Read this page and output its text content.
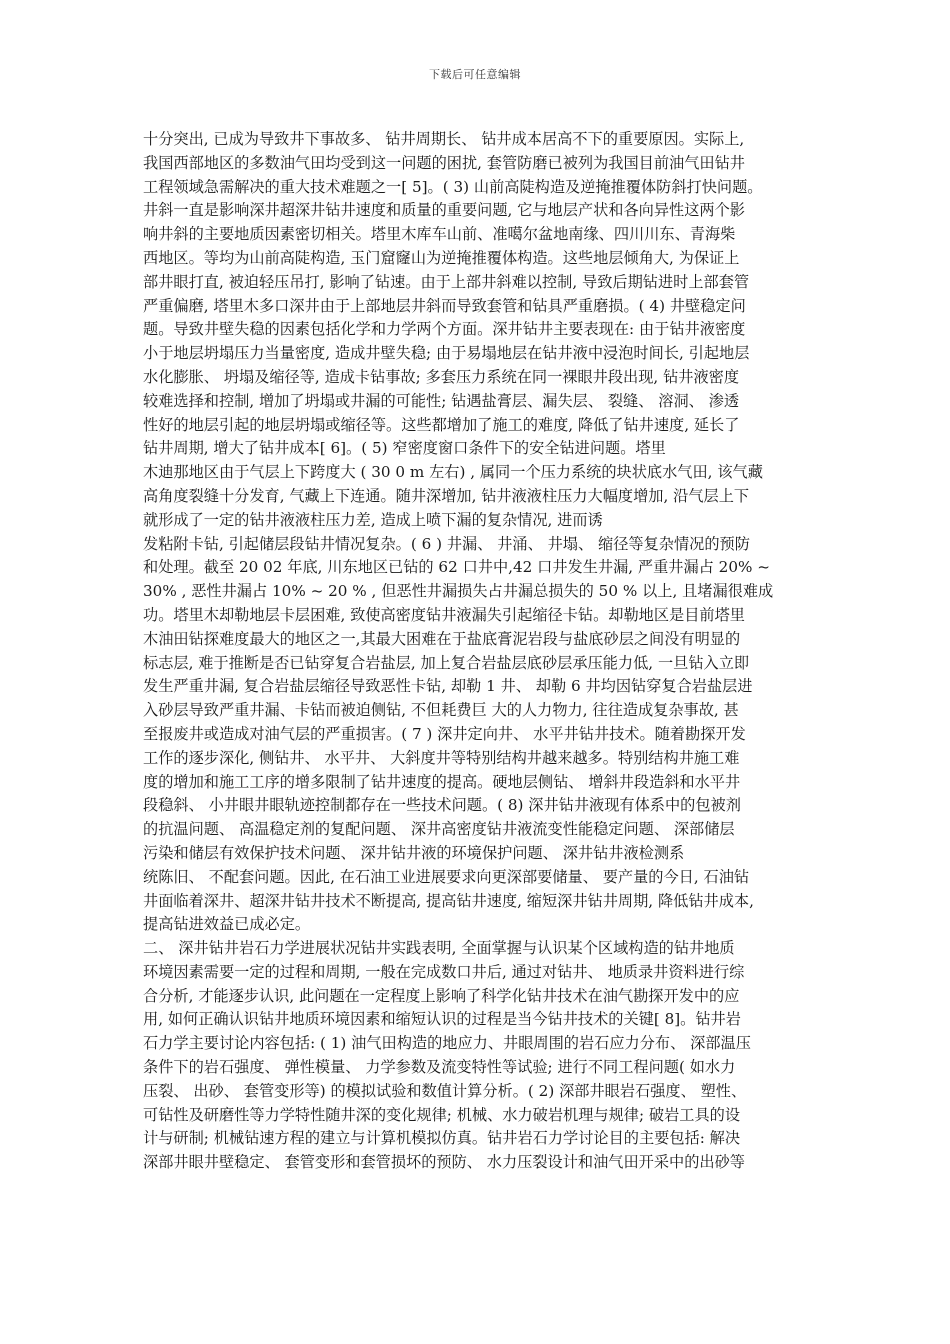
下载后可任意编辑
十分突出, 已成为导致井下事故多、 钻井周期长、 钻井成本居高不下的重要原因。实际上,
我国西部地区的多数油气田均受到这一问题的困扰, 套管防磨已被列为我国目前油气田钻井
工程领域急需解决的重大技术难题之一[ 5]。( 3) 山前高陡构造及逆掩推覆体防斜打快问题。
井斜一直是影响深井超深井钻井速度和质量的重要问题, 它与地层产状和各向异性这两个影
响井斜的主要地质因素密切相关。塔里木库车山前、准噶尔盆地南缘、四川川东、青海柴
西地区。等均为山前高陡构造, 玉门窟窿山为逆掩推覆体构造。这些地层倾角大, 为保证上
部井眼打直, 被迫轻压吊打, 影响了钻速。由于上部井斜难以控制, 导致后期钻进时上部套管
严重偏磨, 塔里木多口深井由于上部地层井斜而导致套管和钻具严重磨损。( 4) 井壁稳定问
题。导致井壁失稳的因素包括化学和力学两个方面。深井钻井主要表现在: 由于钻井液密度
小于地层坍塌压力当量密度, 造成井壁失稳; 由于易塌地层在钻井液中浸泡时间长, 引起地层
水化膨胀、 坍塌及缩径等, 造成卡钻事故; 多套压力系统在同一裸眼井段出现, 钻井液密度
较难选择和控制, 增加了坍塌或井漏的可能性; 钻遇盐膏层、漏失层、 裂缝、 溶洞、 渗透
性好的地层引起的地层坍塌或缩径等。这些都增加了施工的难度, 降低了钻井速度, 延长了
钻井周期, 增大了钻井成本[ 6]。( 5) 窄密度窗口条件下的安全钻进问题。塔里
木迪那地区由于气层上下跨度大 ( 30 0 m 左右) , 属同一个压力系统的块状底水气田, 该气藏
高角度裂缝十分发育, 气藏上下连通。随井深增加, 钻井液液柱压力大幅度增加, 沿气层上下
就形成了一定的钻井液液柱压力差, 造成上喷下漏的复杂情况, 进而诱
发粘附卡钻, 引起储层段钻井情况复杂。( 6 ) 井漏、 井涌、 井塌、 缩径等复杂情况的预防
和处理。截至 20 02 年底, 川东地区已钻的 62 口井中,42 口井发生井漏, 严重井漏占 20% ~
30% , 恶性井漏占 10% ~ 20 % , 但恶性井漏损失占井漏总损失的 50 % 以上, 且堵漏很难成
功。塔里木却勒地层卡层困难, 致使高密度钻井液漏失引起缩径卡钻。却勒地区是目前塔里
木油田钻探难度最大的地区之一,其最大困难在于盐底膏泥岩段与盐底砂层之间没有明显的
标志层, 难于推断是否已钻穿复合岩盐层, 加上复合岩盐层底砂层承压能力低, 一旦钻入立即
发生严重井漏, 复合岩盐层缩径导致恶性卡钻, 却勒 1 井、 却勒 6 井均因钻穿复合岩盐层进
入砂层导致严重井漏、卡钻而被迫侧钻, 不但耗费巨 大的人力物力, 往往造成复杂事故, 甚
至报废井或造成对油气层的严重损害。( 7 ) 深井定向井、 水平井钻井技术。随着勘探开发
工作的逐步深化, 侧钻井、 水平井、 大斜度井等特别结构井越来越多。特别结构井施工难
度的增加和施工工序的增多限制了钻井速度的提高。硬地层侧钻、 增斜井段造斜和水平井
段稳斜、 小井眼井眼轨迹控制都存在一些技术问题。( 8) 深井钻井液现有体系中的包被剂
的抗温问题、 高温稳定剂的复配问题、 深井高密度钻井液流变性能稳定问题、 深部储层
污染和储层有效保护技术问题、 深井钻井液的环境保护问题、 深井钻井液检测系
统陈旧、 不配套问题。因此, 在石油工业进展要求向更深部要储量、 要产量的今日, 石油钻
井面临着深井、超深井钻井技术不断提高, 提高钻井速度, 缩短深井钻井周期, 降低钻井成本,
提高钻进效益已成必定。
二、 深井钻井岩石力学进展状况钻井实践表明, 全面掌握与认识某个区域构造的钻井地质
环境因素需要一定的过程和周期, 一般在完成数口井后, 通过对钻井、 地质录井资料进行综
合分析, 才能逐步认识, 此问题在一定程度上影响了科学化钻井技术在油气勘探开发中的应
用, 如何正确认识钻井地质环境因素和缩短认识的过程是当今钻井技术的关键[ 8]。钻井岩
石力学主要讨论内容包括: ( 1) 油气田构造的地应力、井眼周围的岩石应力分布、 深部温压
条件下的岩石强度、 弹性模量、 力学参数及流变特性等试验; 进行不同工程问题( 如水力
压裂、 出砂、 套管变形等) 的模拟试验和数值计算分析。( 2) 深部井眼岩石强度、 塑性、
可钻性及研磨性等力学特性随井深的变化规律; 机械、水力破岩机理与规律; 破岩工具的设
计与研制; 机械钻速方程的建立与计算机模拟仿真。钻井岩石力学讨论目的主要包括: 解决
深部井眼井壁稳定、 套管变形和套管损坏的预防、 水力压裂设计和油气田开采中的出砂等
